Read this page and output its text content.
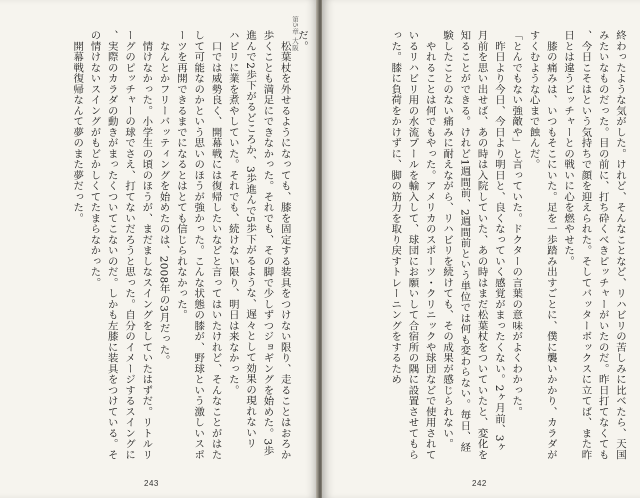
第5章 大阪
だ。
　松葉杖を外せるようになっても、膝を固定する装具をつけない限り、走ることはおろか
歩くことも満足にできなかった。それでも、その脚で少しずつジョギングを始めた。3歩
進んで2歩下がるどころか、3歩進んで5歩下がるような、遅々として効果の現れないリ
ハビリに業を煮やしていた。それでも、続けない限り、明日は来なかった。
　口では威勢良く、開幕戦には復帰したいなどと言ってはいたけれど、そんなことがはた
して可能なのかという思いのほうが強かった。こんな状態の膝が、野球という激しいスポ
ーツを再開できるまでになるとはとても信じられなかった。
　なんとかフリーバッティングを始めたのは、2008年の3月だった。
　情けなかった。小学生の頃のほうが、まだましなスイングをしていたはずだ。リトルリ
ーグのピッチャーの球でさえ、打てないだろうと思った。自分のイメージするスイングに
、実際のカラダの動きがまったくついてこないのだ。しかも左膝に装具をつけている。そ
の情けないスイングがもどかしくてたまらなかった。
　開幕戦復帰なんて夢のまた夢だった。
243
終わったような気がした。けれど、そんなことなど、リハビリの苦しみに比べたら、天国
みたいなものだった。目の前に、打ち砕くべきピッチャーがいたのだ。昨日打てなくても
、今日こそはという気持ちで顔を迎えられた。そしてバッターボックスに立てば、また昨
日とは違うピッチャーとの戦いに心を燃やせた。
　膝の痛みは、いつもそこにいた。足を一歩踏み出すごとに、僕に襲いかかり、カラダが
すくむような心まで蝕んだ。
「とんでもない強敵や」と言っていた。ドクターの言葉の意味がよくわかった。
　昨日より今日、今日より明日と、良くなっていく感覚がまったくない。2ヶ月前、3ヶ
月前を思い出せば、あの時は入院していた、あの時はまだ松葉杖をついていたと、変化を
知ることができる。けれど1週間前、2週間前という単位では何も変わらない。毎日、経
験したことのない痛みに耐えながら、リハビリを続けても、その成果が感じられない。
　やれることは何でもやった。アメリカのスポーツ・クリニックや球団などで使用されて
いるリハビリ用の水流プールを輸入して、球団にお願いして合宿所の隅に設置させてもら
った。膝に負荷をかけずに、脚の筋力を取り戻すトレーニングをするため
242
